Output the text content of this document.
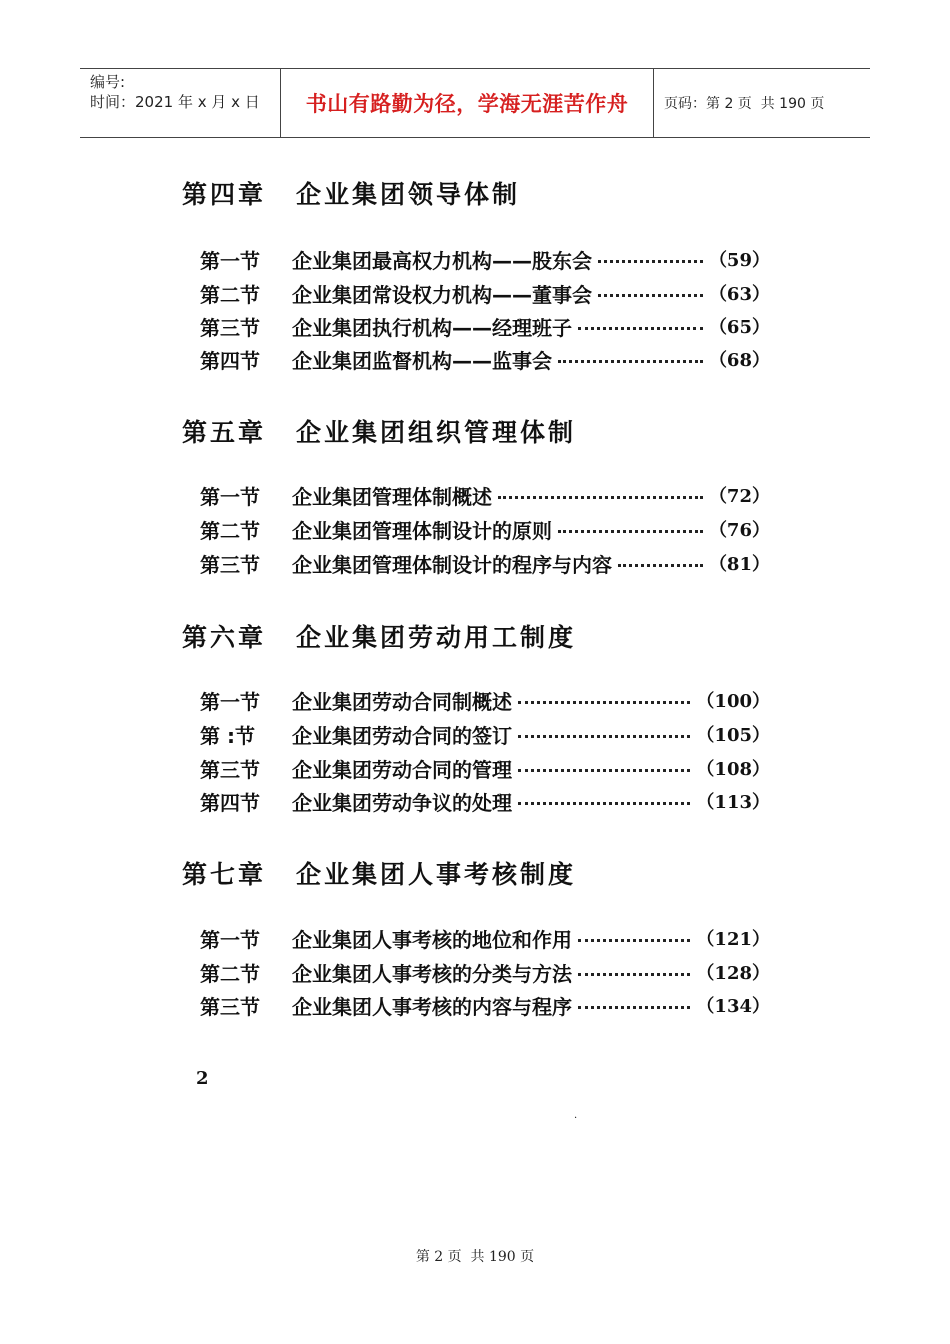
编号:
时间：2021 年 x 月 x 日	书山有路勤为径，学海无涯苦作舟	页码：第 2 页  共 190 页
第四章 企业集团领导体制
第一节	企业集团最高权力机构——股东会	（59）
第二节	企业集团常设权力机构——董事会	（63）
第三节	企业集团执行机构——经理班子	（65）
第四节	企业集团监督机构——监事会	（68）
第五章 企业集团组织管理体制
第一节	企业集团管理体制概述	（72）
第二节	企业集团管理体制设计的原则	（76）
第三节	企业集团管理体制设计的程序与内容	（81）
第六章 企业集团劳动用工制度
第一节	企业集团劳动合同制概述	（100）
第 :节	企业集团劳动合同的签订	（105）
第三节	企业集团劳动合同的管理	（108）
第四节	企业集团劳动争议的处理	（113）
第七章 企业集团人事考核制度
第一节	企业集团人事考核的地位和作用	（121）
第二节	企业集团人事考核的分类与方法	（128）
第三节	企业集团人事考核的内容与程序	（134）
2
.
第 2 页  共 190 页
